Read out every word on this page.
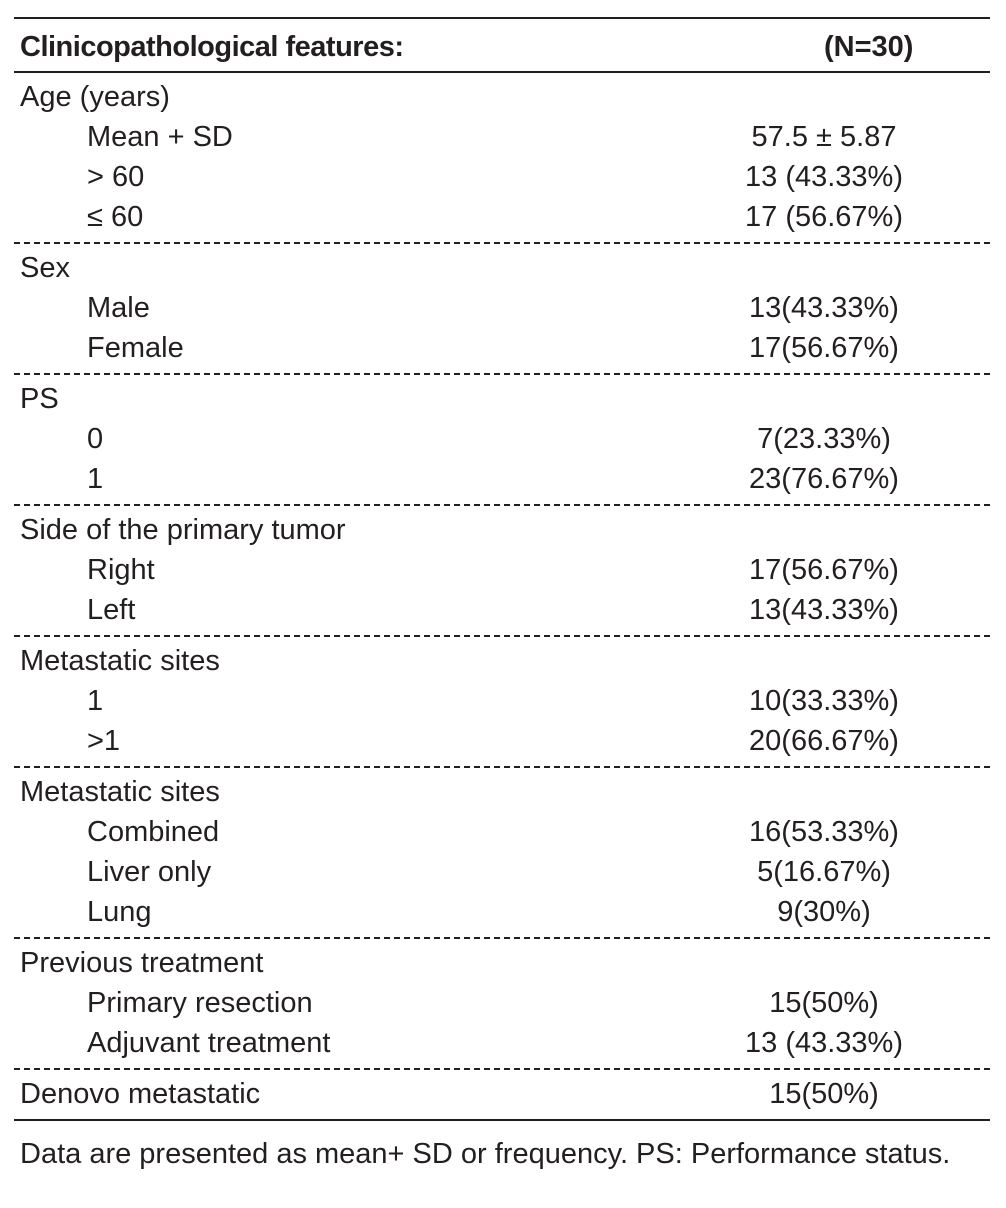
Clinicopathological features:	(N=30)
Age (years)
Mean + SD	57.5 ± 5.87
> 60	13 (43.33%)
≤ 60	17 (56.67%)
Sex
Male	13(43.33%)
Female	17(56.67%)
PS
0	7(23.33%)
1	23(76.67%)
Side of the primary tumor
Right	17(56.67%)
Left	13(43.33%)
Metastatic sites
1	10(33.33%)
>1	20(66.67%)
Metastatic sites
Combined	16(53.33%)
Liver only	5(16.67%)
Lung	9(30%)
Previous treatment
Primary resection	15(50%)
Adjuvant treatment	13 (43.33%)
Denovo metastatic	15(50%)
Data are presented as mean+ SD or frequency. PS: Performance status.
